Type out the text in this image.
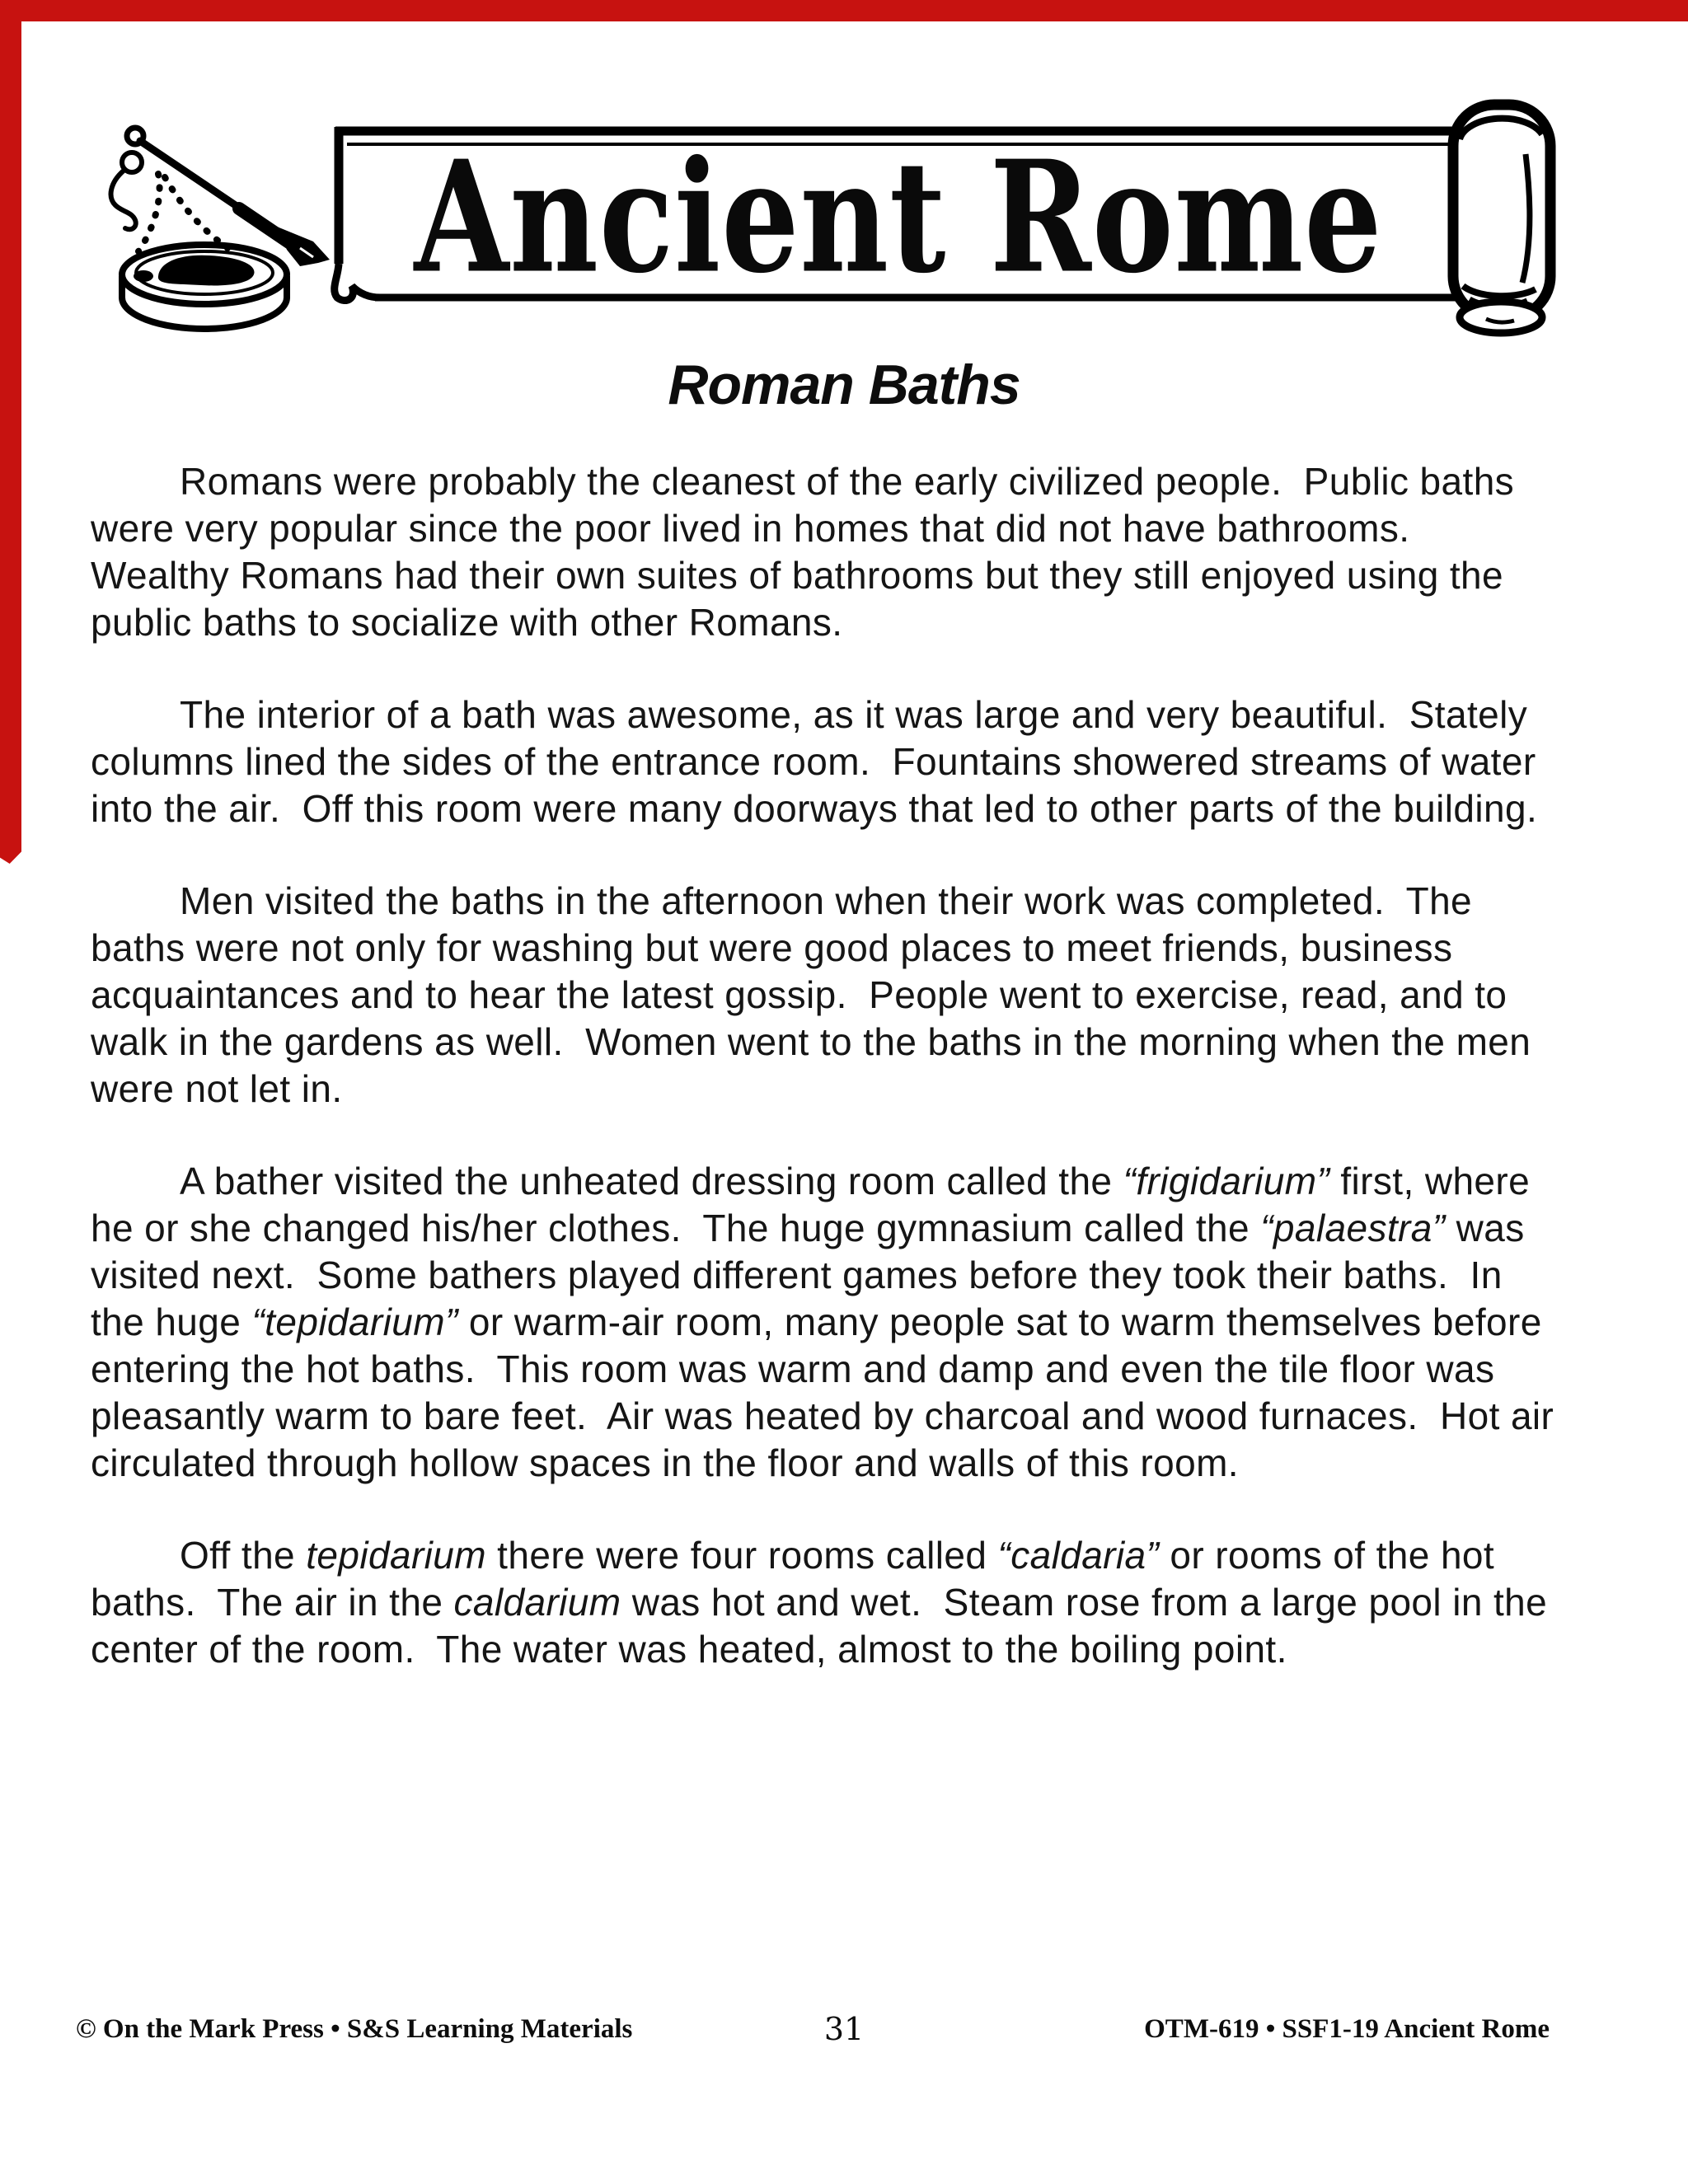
Ancient Rome
Roman Baths

Romans were probably the cleanest of the early civilized people.  Public baths were very popular since the poor lived in homes that did not have bathrooms.  Wealthy Romans had their own suites of bathrooms but they still enjoyed using the public baths to socialize with other Romans.

The interior of a bath was awesome, as it was large and very beautiful.  Stately columns lined the sides of the entrance room.  Fountains showered streams of water into the air.  Off this room were many doorways that led to other parts of the building.

Men visited the baths in the afternoon when their work was completed.  The baths were not only for washing but were good places to meet friends, business acquaintances and to hear the latest gossip.  People went to exercise, read, and to walk in the gardens as well.  Women went to the baths in the morning when the men were not let in.

A bather visited the unheated dressing room called the “frigidarium” first, where he or she changed his/her clothes.  The huge gymnasium called the “palaestra” was visited next.  Some bathers played different games before they took their baths.  In the huge “tepidarium” or warm-air room, many people sat to warm themselves before entering the hot baths.  This room was warm and damp and even the tile floor was pleasantly warm to bare feet.  Air was heated by charcoal and wood furnaces.  Hot air circulated through hollow spaces in the floor and walls of this room.

Off the tepidarium there were four rooms called “caldaria” or rooms of the hot baths.  The air in the caldarium was hot and wet.  Steam rose from a large pool in the center of the room.  The water was heated, almost to the boiling point.

© On the Mark Press • S&S Learning Materials	31	OTM-619 • SSF1-19 Ancient Rome
